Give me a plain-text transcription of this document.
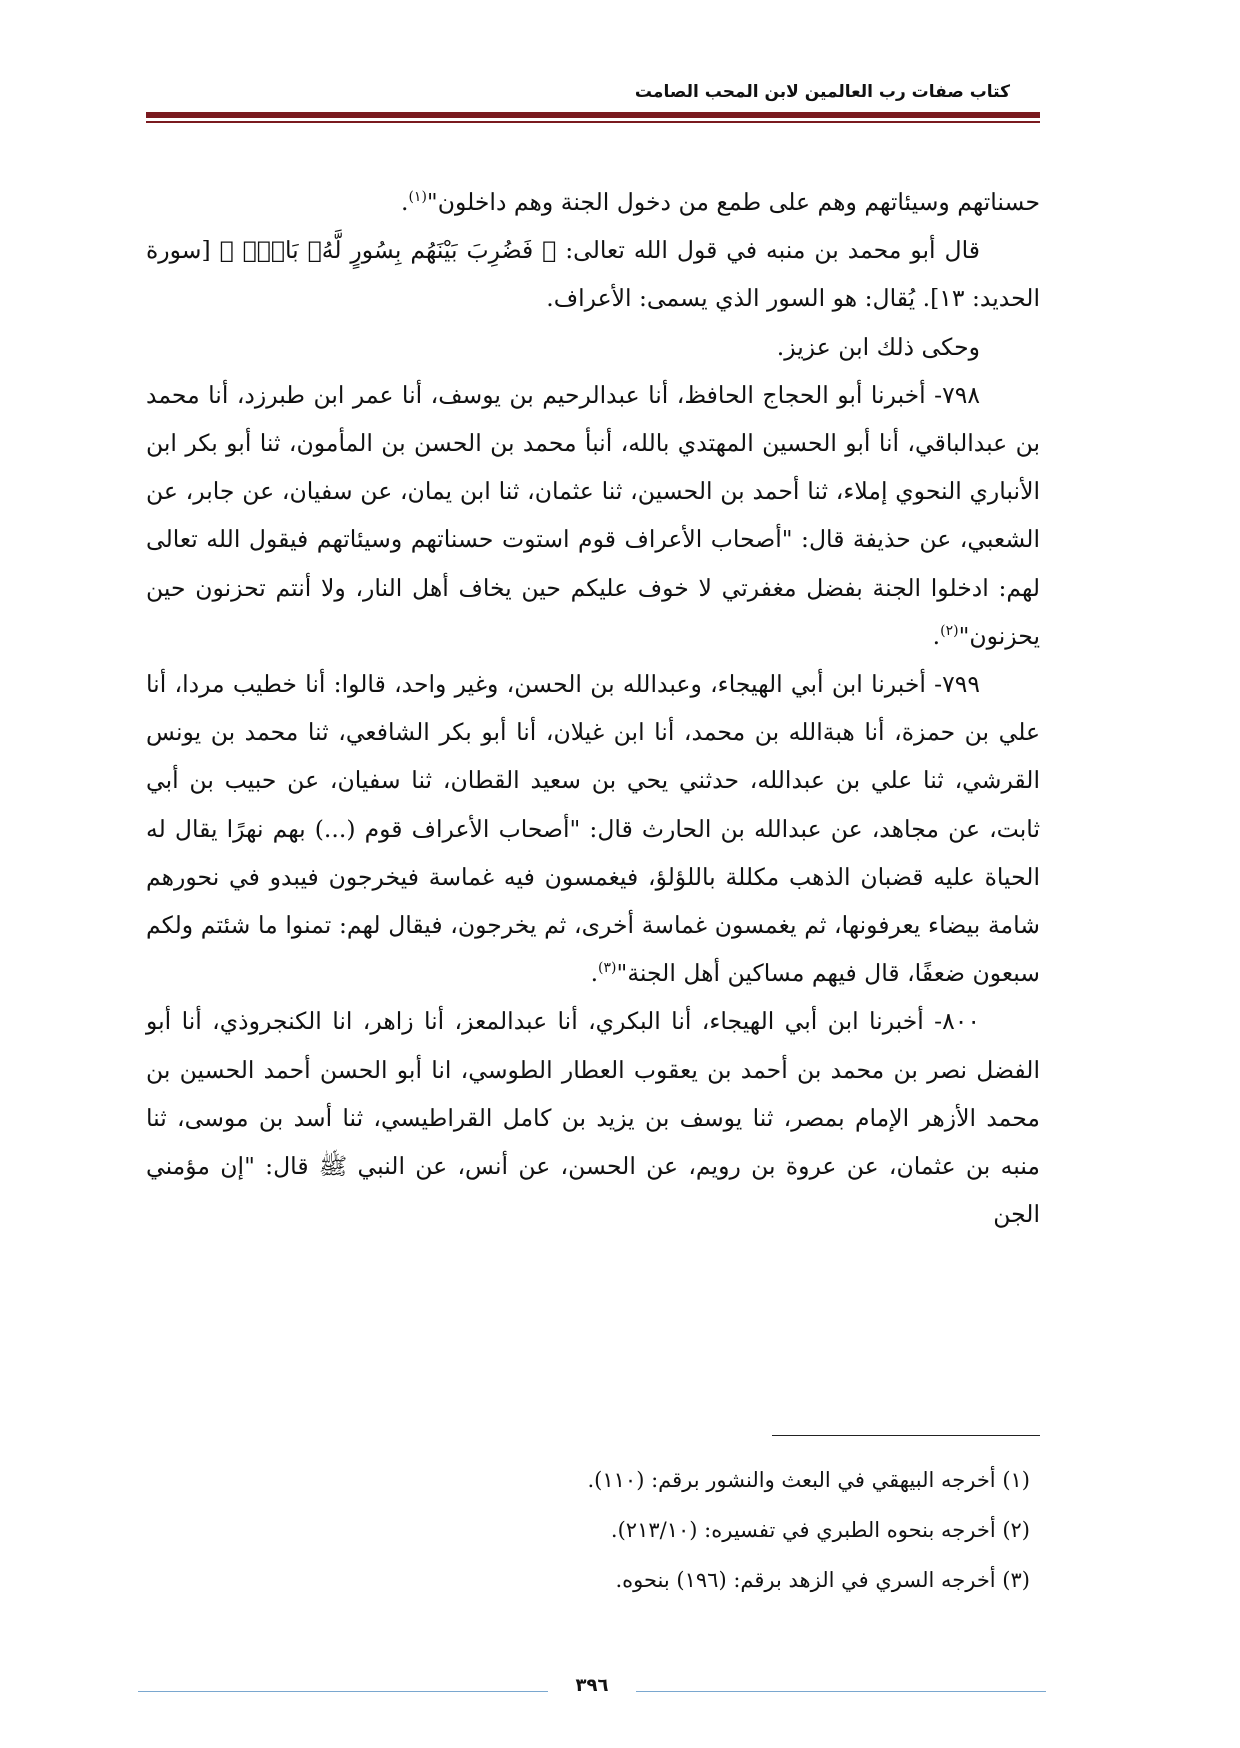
كتاب صفات رب العالمين لابن المحب الصامت

حسناتهم وسيئاتهم وهم على طمع من دخول الجنة وهم داخلون"$^{(١)}$.

قال أبو محمد بن منبه في قول الله تعالى: ﴿ فَضُرِبَ بَيْنَهُم بِسُورٍ لَّهُۥ بَابُۢ ﴾ [سورة الحديد: ١٣]. يُقال: هو السور الذي يسمى: الأعراف.

وحكى ذلك ابن عزيز.

٧٩٨- أخبرنا أبو الحجاج الحافظ، أنا عبدالرحيم بن يوسف، أنا عمر ابن طبرزد، أنا محمد بن عبدالباقي، أنا أبو الحسين المهتدي بالله، أنبأ محمد بن الحسن بن المأمون، ثنا أبو بكر ابن الأنباري النحوي إملاء، ثنا أحمد بن الحسين، ثنا عثمان، ثنا ابن يمان، عن سفيان، عن جابر، عن الشعبي، عن حذيفة قال: "أصحاب الأعراف قوم استوت حسناتهم وسيئاتهم فيقول الله تعالى لهم: ادخلوا الجنة بفضل مغفرتي لا خوف عليكم حين يخاف أهل النار، ولا أنتم تحزنون حين يحزنون"$^{(٢)}$.

٧٩٩- أخبرنا ابن أبي الهيجاء، وعبدالله بن الحسن، وغير واحد، قالوا: أنا خطيب مردا، أنا علي بن حمزة، أنا هبةالله بن محمد، أنا ابن غيلان، أنا أبو بكر الشافعي، ثنا محمد بن يونس القرشي، ثنا علي بن عبدالله، حدثني يحي بن سعيد القطان، ثنا سفيان، عن حبيب بن أبي ثابت، عن مجاهد، عن عبدالله بن الحارث قال: "أصحاب الأعراف قوم (...) بهم نهرًا يقال له الحياة عليه قضبان الذهب مكللة باللؤلؤ، فيغمسون فيه غماسة فيخرجون فيبدو في نحورهم شامة بيضاء يعرفونها، ثم يغمسون غماسة أخرى، ثم يخرجون، فيقال لهم: تمنوا ما شئتم ولكم سبعون ضعفًا، قال فيهم مساكين أهل الجنة"$^{(٣)}$.

٨٠٠- أخبرنا ابن أبي الهيجاء، أنا البكري، أنا عبدالمعز، أنا زاهر، انا الكنجروذي، أنا أبو الفضل نصر بن محمد بن أحمد بن يعقوب العطار الطوسي، انا أبو الحسن أحمد الحسين بن محمد الأزهر الإمام بمصر، ثنا يوسف بن يزيد بن كامل القراطيسي، ثنا أسد بن موسى، ثنا منبه بن عثمان، عن عروة بن رويم، عن الحسن، عن أنس، عن النبي ﷺ قال: "إن مؤمني الجن

(١) أخرجه البيهقي في البعث والنشور برقم: (١١٠).

(٢) أخرجه بنحوه الطبري في تفسيره: (٢١٣/١٠).

(٣) أخرجه السري في الزهد برقم: (١٩٦) بنحوه.

٣٩٦
